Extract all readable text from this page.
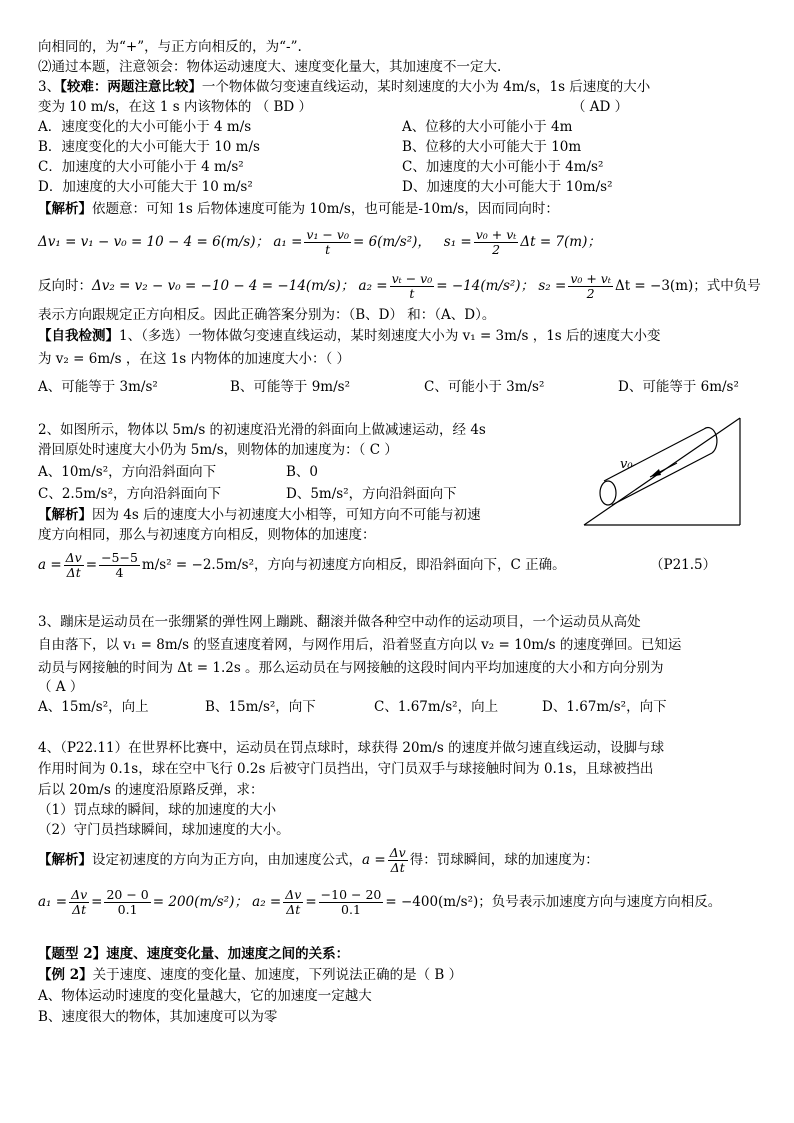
向相同的，为“+”，与正方向相反的，为“-”.
⑵通过本题，注意领会：物体运动速度大、速度变化量大，其加速度不一定大.
3、【较难：两题注意比较】一个物体做匀变速直线运动，某时刻速度的大小为 4m/s，1s 后速度的大小
变为 10 m/s，在这 1 s 内该物体的 （ BD ）	（ AD ）
A．速度变化的大小可能小于 4 m/s
B．速度变化的大小可能大于 10 m/s
C．加速度的大小可能小于 4 m/s²
D．加速度的大小可能大于 10 m/s²
A、位移的大小可能小于 4m
B、位移的大小可能大于 10m
C、加速度的大小可能小于 4m/s²
D、加速度的大小可能大于 10m/s²
【解析】依题意：可知 1s 后物体速度可能为 10m/s，也可能是-10m/s，因而同向时：
Δv₁ = v₁ − v₀ = 10 − 4 = 6(m/s)； $a_1 = \frac{\text{v₁ − v₀}}{t} = 6(m/s^2)$， $s_1 = \frac{\text{v₀ + vₜ}}{2}$ Δt = 7(m)；
反向时：Δv₂ = v₂ − v₀ = −10 − 4 = −14(m/s)； $a_2 = \frac{\text{vₜ − v₀}}{t} = -14(m/s^2)$； $s_2 = \frac{\text{v₀ + vₜ}}{2}$ Δt = −3(m)；式中负号
表示方向跟规定正方向相反。因此正确答案分别为：（B、D） 和：（A、D）。
【自我检测】1、（多选）一物体做匀变速直线运动，某时刻速度大小为 v₁ = 3m/s ，1s 后的速度大小变
为 v₂ = 6m/s ，在这 1s 内物体的加速度大小：（ ）
A、可能等于 3m/s²	B、可能等于 9m/s²	C、可能小于 3m/s²	D、可能等于 6m/s²
2、如图所示，物体以 5m/s 的初速度沿光滑的斜面向上做减速运动，经 4s
滑回原处时速度大小仍为 5m/s，则物体的加速度为：（ C ）
A、10m/s²，方向沿斜面向下	B、0
C、2.5m/s²，方向沿斜面向下	D、5m/s²，方向沿斜面向下
【解析】因为 4s 后的速度大小与初速度大小相等，可知方向不可能与初速
度方向相同，那么与初速度方向相反，则物体的加速度：
$a = \frac{\Delta v}{\Delta t} = \frac{-5-5}{4} m/s^2 = -2.5m/s^2$，方向与初速度方向相反，即沿斜面向下，C 正确。	（P21.5）
v₀
3、蹦床是运动员在一张绷紧的弹性网上蹦跳、翻滚并做各种空中动作的运动项目，一个运动员从高处
自由落下，以 v₁ = 8m/s 的竖直速度着网，与网作用后，沿着竖直方向以 v₂ = 10m/s 的速度弹回。已知运
动员与网接触的时间为 Δt = 1.2s 。那么运动员在与网接触的这段时间内平均加速度的大小和方向分别为
（ A ）
A、15m/s²，向上	B、15m/s²，向下	C、1.67m/s²，向上	D、1.67m/s²，向下
4、（P22.11）在世界杯比赛中，运动员在罚点球时，球获得 20m/s 的速度并做匀速直线运动，设脚与球
作用时间为 0.1s，球在空中飞行 0.2s 后被守门员挡出，守门员双手与球接触时间为 0.1s，且球被挡出
后以 20m/s 的速度沿原路反弹，求：
（1）罚点球的瞬间，球的加速度的大小
（2）守门员挡球瞬间，球加速度的大小。
【解析】设定初速度的方向为正方向，由加速度公式，$a = \frac{\Delta v}{\Delta t}$ 得：罚球瞬间，球的加速度为：
$a_1 = \frac{\Delta v}{\Delta t} = \frac{20 - 0}{0.1} = 200(m/s^2)$； $a_2 = \frac{\Delta v}{\Delta t} = \frac{-10 - 20}{0.1} = -400(m/s^2)$；负号表示加速度方向与速度方向相反。
【题型 2】速度、速度变化量、加速度之间的关系：
【例 2】关于速度、速度的变化量、加速度，下列说法正确的是（ B ）
A、物体运动时速度的变化量越大，它的加速度一定越大
B、速度很大的物体，其加速度可以为零
